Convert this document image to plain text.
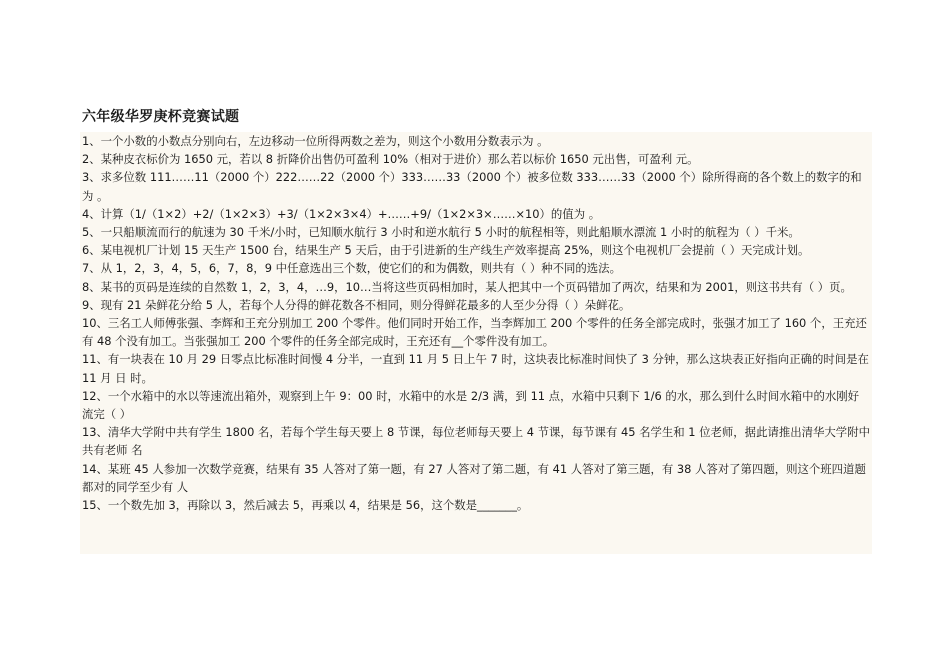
六年级华罗庚杯竞赛试题

1、一个小数的小数点分别向右，左边移动一位所得两数之差为，则这个小数用分数表示为 。

2、某种皮衣标价为 1650 元，若以 8 折降价出售仍可盈利 10%（相对于进价）那么若以标价 1650 元出售，可盈利 元。

3、求多位数 111……11（2000 个）222……22（2000 个）333……33（2000 个）被多位数 333……33（2000 个）除所得商的各个数上的数字的和为 。

4、计算（1/（1×2）+2/（1×2×3）+3/（1×2×3×4）+……+9/（1×2×3×……×10）的值为 。

5、一只船顺流而行的航速为 30 千米/小时，已知顺水航行 3 小时和逆水航行 5 小时的航程相等，则此船顺水漂流 1 小时的航程为（ ）千米。

6、某电视机厂计划 15 天生产 1500 台，结果生产 5 天后，由于引进新的生产线生产效率提高 25%，则这个电视机厂会提前（ ）天完成计划。

7、从 1，2，3，4，5，6，7，8，9 中任意选出三个数，使它们的和为偶数，则共有（ ）种不同的选法。

8、某书的页码是连续的自然数 1，2，3，4，…9，10…当将这些页码相加时，某人把其中一个页码错加了两次，结果和为 2001，则这书共有（ ）页。

9、现有 21 朵鲜花分给 5 人，若每个人分得的鲜花数各不相同，则分得鲜花最多的人至少分得（ ）朵鲜花。

10、三名工人师傅张强、李辉和王充分别加工 200 个零件。他们同时开始工作，当李辉加工 200 个零件的任务全部完成时，张强才加工了 160 个，王充还有 48 个没有加工。当张强加工 200 个零件的任务全部完成时，王充还有__个零件没有加工。

11、有一块表在 10 月 29 日零点比标准时间慢 4 分半，一直到 11 月 5 日上午 7 时，这块表比标准时间快了 3 分钟，那么这块表正好指向正确的时间是在 11 月 日 时。

12、一个水箱中的水以等速流出箱外，观察到上午 9：00 时，水箱中的水是 2/3 满，到 11 点，水箱中只剩下 1/6 的水，那么到什么时间水箱中的水刚好流完（ ）

13、清华大学附中共有学生 1800 名，若每个学生每天要上 8 节课，每位老师每天要上 4 节课，每节课有 45 名学生和 1 位老师，据此请推出清华大学附中共有老师 名

14、某班 45 人参加一次数学竞赛，结果有 35 人答对了第一题，有 27 人答对了第二题，有 41 人答对了第三题，有 38 人答对了第四题，则这个班四道题都对的同学至少有 人

15、一个数先加 3，再除以 3，然后减去 5，再乘以 4，结果是 56，这个数是_______。
